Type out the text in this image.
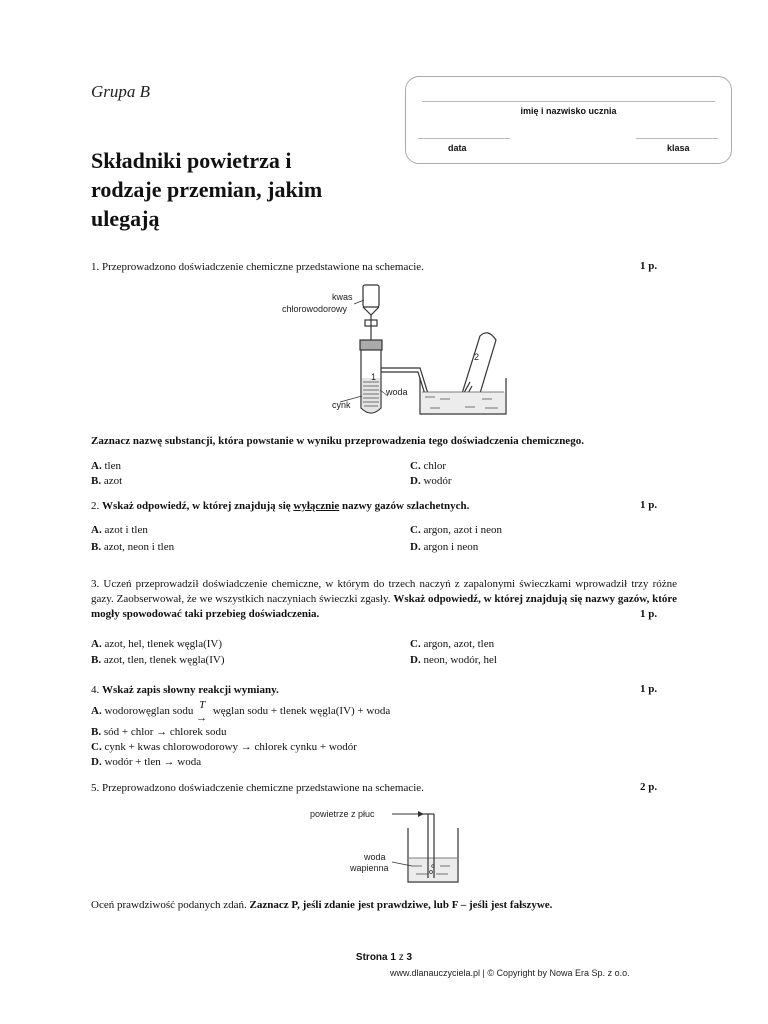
Grupa B
Składniki powietrza i
rodzaje przemian, jakim
ulegają
imię i nazwisko ucznia
data	klasa
1. Przeprowadzono doświadczenie chemiczne przedstawione na schemacie.	1 p.
kwas
chlorowodorowy
cynk
woda
1
2
Zaznacz nazwę substancji, która powstanie w wyniku przeprowadzenia tego doświadczenia chemicznego.
A. tlen
B. azot
C. chlor
D. wodór
2. Wskaż odpowiedź, w której znajdują się wyłącznie nazwy gazów szlachetnych.	1 p.
A. azot i tlen
B. azot, neon i tlen
C. argon, azot i neon
D. argon i neon
3. Uczeń przeprowadził doświadczenie chemiczne, w którym do trzech naczyń z zapalonymi świeczkami wprowadził trzy różne gazy. Zaobserwował, że we wszystkich naczyniach świeczki zgasły. Wskaż odpowiedź, w której znajdują się nazwy gazów, które mogły spowodować taki przebieg doświadczenia.	1 p.
A. azot, hel, tlenek węgla(IV)
B. azot, tlen, tlenek węgla(IV)
C. argon, azot, tlen
D. neon, wodór, hel
4. Wskaż zapis słowny reakcji wymiany.	1 p.
A. wodorowęglan sodu T
→
węglan sodu + tlenek węgla(IV) + woda
B. sód + chlor → chlorek sodu
C. cynk + kwas chlorowodorowy → chlorek cynku + wodór
D. wodór + tlen → woda
5. Przeprowadzono doświadczenie chemiczne przedstawione na schemacie.	2 p.
powietrze z płuc
woda
wapienna
Oceń prawdziwość podanych zdań. Zaznacz P, jeśli zdanie jest prawdziwe, lub F – jeśli jest fałszywe.
Strona 1 z 3
www.dlanauczyciela.pl | © Copyright by Nowa Era Sp. z o.o.
